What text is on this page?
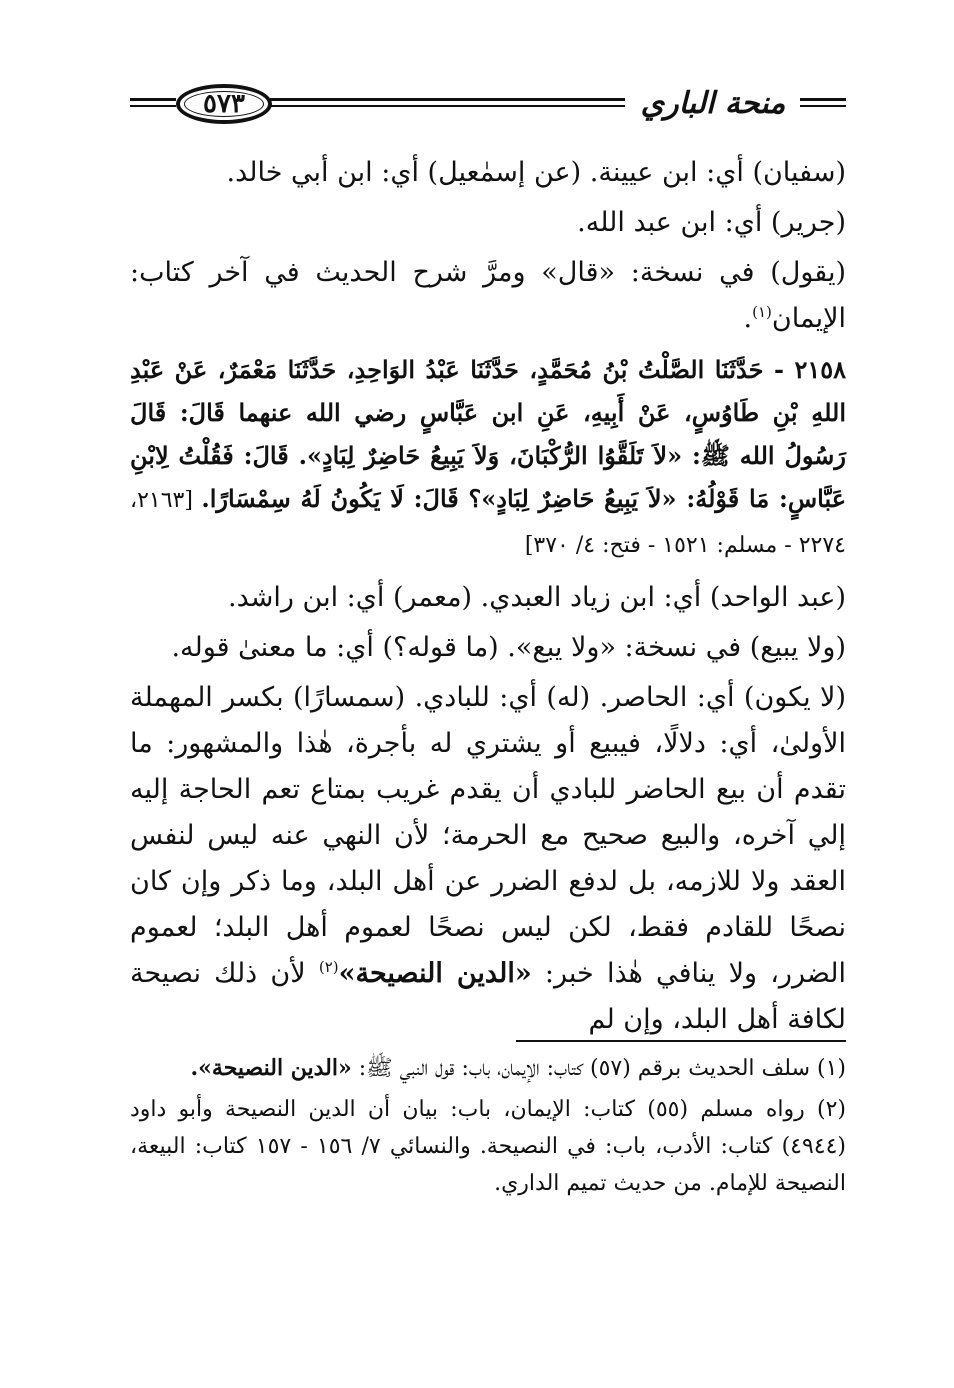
٥٧٣	منحة الباري

(سفيان) أي: ابن عيينة. (عن إسمٰعيل) أي: ابن أبي خالد.

(جرير) أي: ابن عبد الله.

(يقول) في نسخة: «قال» ومرَّ شرح الحديث في آخر كتاب: الإيمان$^{(١)}$.

٢١٥٨ - حَدَّثَنَا الصَّلْتُ بْنُ مُحَمَّدٍ، حَدَّثَنَا عَبْدُ الوَاحِدِ، حَدَّثَنَا مَعْمَرٌ، عَنْ عَبْدِ اللهِ بْنِ طَاوُسٍ، عَنْ أَبِيهِ، عَنِ ابن عَبَّاسٍ رضي الله عنهما قَالَ: قَالَ رَسُولُ الله ﷺ: «لاَ تَلَقَّوُا الرُّكْبَانَ، وَلاَ يَبِيعُ حَاضِرٌ لِبَادٍ». قَالَ: فَقُلْتُ لِابْنِ عَبَّاسٍ: مَا قَوْلُهُ: «لاَ يَبِيعُ حَاضِرٌ لِبَادٍ»؟ قَالَ: لَا يَكُونُ لَهُ سِمْسَارًا. [٢١٦٣، ٢٢٧٤ - مسلم: ١٥٢١ - فتح: ٤/ ٣٧٠]

(عبد الواحد) أي: ابن زياد العبدي. (معمر) أي: ابن راشد.

(ولا يبيع) في نسخة: «ولا يبع». (ما قوله؟) أي: ما معنىٰ قوله.

(لا يكون) أي: الحاصر. (له) أي: للبادي. (سمسارًا) بكسر المهملة الأولىٰ، أي: دلالًا، فيبيع أو يشتري له بأجرة، هٰذا والمشهور: ما تقدم أن بيع الحاضر للبادي أن يقدم غريب بمتاع تعم الحاجة إليه إلي آخره، والبيع صحيح مع الحرمة؛ لأن النهي عنه ليس لنفس العقد ولا للازمه، بل لدفع الضرر عن أهل البلد، وما ذكر وإن كان نصحًا للقادم فقط، لكن ليس نصحًا لعموم أهل البلد؛ لعموم الضرر، ولا ينافي هٰذا خبر: «الدين النصيحة»$^{(٢)}$ لأن ذلك نصيحة لكافة أهل البلد، وإن لم

(١) سلف الحديث برقم (٥٧) كتاب: الإيمان، باب: قول النبي ﷺ: «الدين النصيحة».

(٢) رواه مسلم (٥٥) كتاب: الإيمان، باب: بيان أن الدين النصيحة وأبو داود (٤٩٤٤) كتاب: الأدب، باب: في النصيحة. والنسائي ٧/ ١٥٦ - ١٥٧ كتاب: البيعة، النصيحة للإمام. من حديث تميم الداري.
